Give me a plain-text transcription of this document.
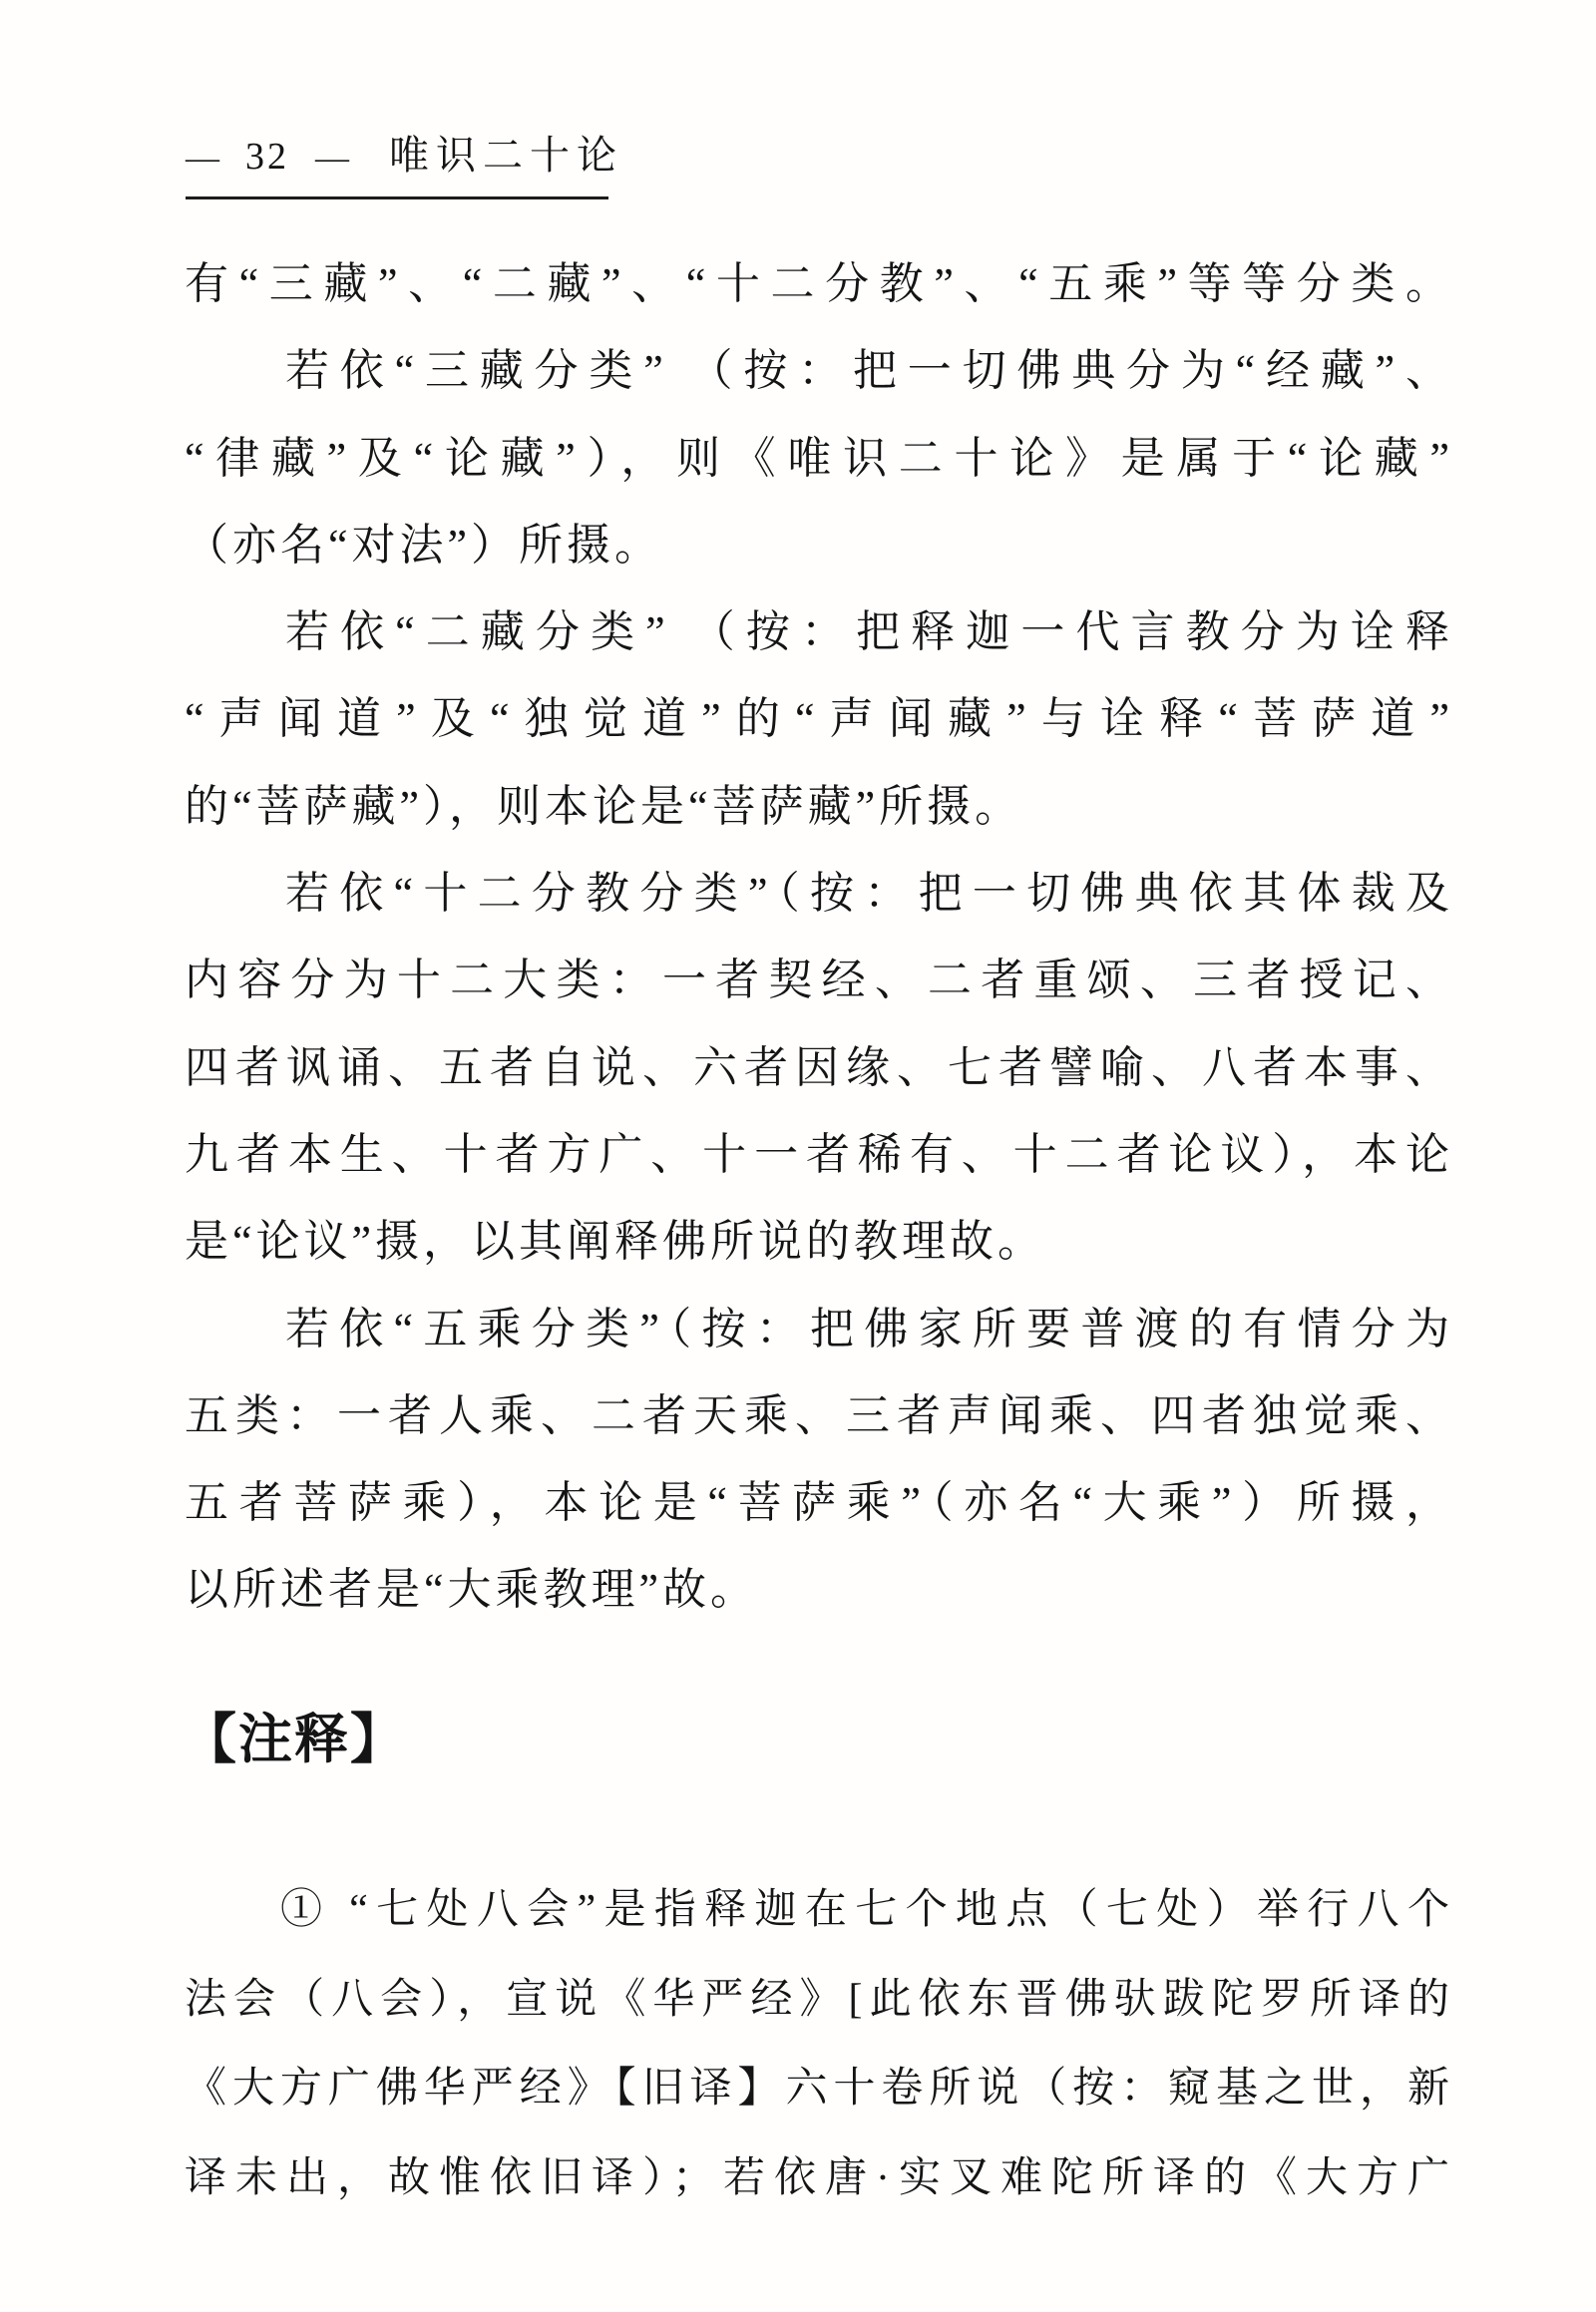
— 32 — 唯识二十论
有“三藏”、“二藏”、“十二分教”、“五乘”等等分类。
若依“三藏分类” （按：把一切佛典分为“经藏”、
“律藏”及“论藏”），则《唯识二十论》是属于“论藏”
（亦名“对法”）所摄。
若依“二藏分类” （按：把释迦一代言教分为诠释
“声闻道”及“独觉道”的“声闻藏”与诠释“菩萨道”
的“菩萨藏”），则本论是“菩萨藏”所摄。
若依“十二分教分类”（按：把一切佛典依其体裁及
内容分为十二大类：一者契经、二者重颂、三者授记、
四者讽诵、五者自说、六者因缘、七者譬喻、八者本事、
九者本生、十者方广、十一者稀有、十二者论议），本论
是“论议”摄，以其阐释佛所说的教理故。
若依“五乘分类”（按：把佛家所要普渡的有情分为
五类：一者人乘、二者天乘、三者声闻乘、四者独觉乘、
五者菩萨乘），本论是“菩萨乘”（亦名“大乘”）所摄，
以所述者是“大乘教理”故。
【注释】
① “七处八会”是指释迦在七个地点（七处）举行八个
法会（八会），宣说《华严经》[此依东晋佛驮跋陀罗所译的
《大方广佛华严经》【旧译】六十卷所说（按：窥基之世，新
译未出，故惟依旧译）；若依唐·实叉难陀所译的《大方广
